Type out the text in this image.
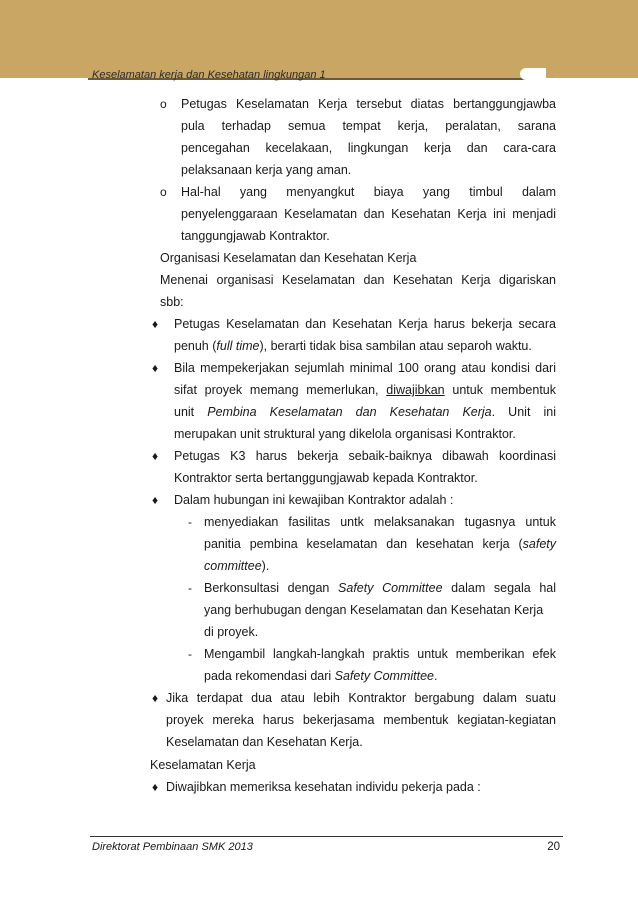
Keselamatan kerja dan Kesehatan lingkungan 1
o Petugas Keselamatan Kerja tersebut diatas bertanggungjawba
pula terhadap semua tempat kerja, peralatan, sarana
pencegahan kecelakaan, lingkungan kerja dan cara-cara
pelaksanaan kerja yang aman.
o Hal-hal yang menyangkut biaya yang timbul dalam
penyelenggaraan Keselamatan dan Kesehatan Kerja ini menjadi
tanggungjawab Kontraktor.
Organisasi Keselamatan dan Kesehatan Kerja
Menenai organisasi Keselamatan dan Kesehatan Kerja digariskan
sbb:
♦ Petugas Keselamatan dan Kesehatan Kerja harus bekerja secara
penuh (full time), berarti tidak bisa sambilan atau separoh waktu.
♦ Bila mempekerjakan sejumlah minimal 100 orang atau kondisi dari
sifat proyek memang memerlukan, diwajibkan untuk membentuk
unit Pembina Keselamatan dan Kesehatan Kerja. Unit ini
merupakan unit struktural yang dikelola organisasi Kontraktor.
♦ Petugas K3 harus bekerja sebaik-baiknya dibawah koordinasi
Kontraktor serta bertanggungjawab kepada Kontraktor.
♦ Dalam hubungan ini kewajiban Kontraktor adalah :
- menyediakan fasilitas untk melaksanakan tugasnya untuk
panitia pembina keselamatan dan kesehatan kerja (safety
committee).
- Berkonsultasi dengan Safety Committee dalam segala hal
yang berhubugan dengan Keselamatan dan Kesehatan Kerja
di proyek.
- Mengambil langkah-langkah praktis untuk memberikan efek
pada rekomendasi dari Safety Committee.
♦ Jika terdapat dua atau lebih Kontraktor bergabung dalam suatu
proyek mereka harus bekerjasama membentuk kegiatan-kegiatan
Keselamatan dan Kesehatan Kerja.
Keselamatan Kerja
♦ Diwajibkan memeriksa kesehatan individu pekerja pada :
Direktorat Pembinaan SMK 2013	20
